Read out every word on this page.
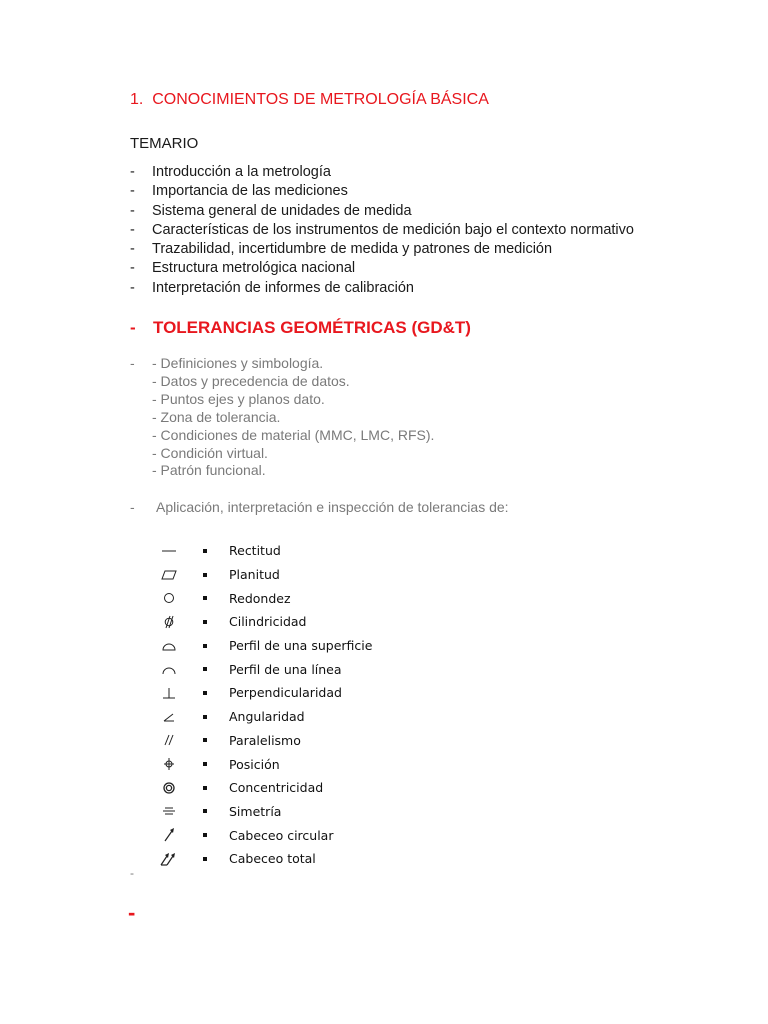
1. CONOCIMIENTOS DE METROLOGÍA BÁSICA
TEMARIO
- Introducción a la metrología
- Importancia de las mediciones
- Sistema general de unidades de medida
- Características de los instrumentos de medición bajo el contexto normativo
- Trazabilidad, incertidumbre de medida y patrones de medición
- Estructura metrológica nacional
- Interpretación de informes de calibración
- TOLERANCIAS GEOMÉTRICAS (GD&T)
- - Definiciones y simbología.
- Datos y precedencia de datos.
- Puntos ejes y planos dato.
- Zona de tolerancia.
- Condiciones de material (MMC, LMC, RFS).
- Condición virtual.
- Patrón funcional.
- Aplicación, interpretación e inspección de tolerancias de:
Rectitud
Planitud
Redondez
Cilindricidad
Perfil de una superficie
Perfil de una línea
Perpendicularidad
Angularidad
Paralelismo
Posición
Concentricidad
Simetría
Cabeceo circular
Cabeceo total
-
-
